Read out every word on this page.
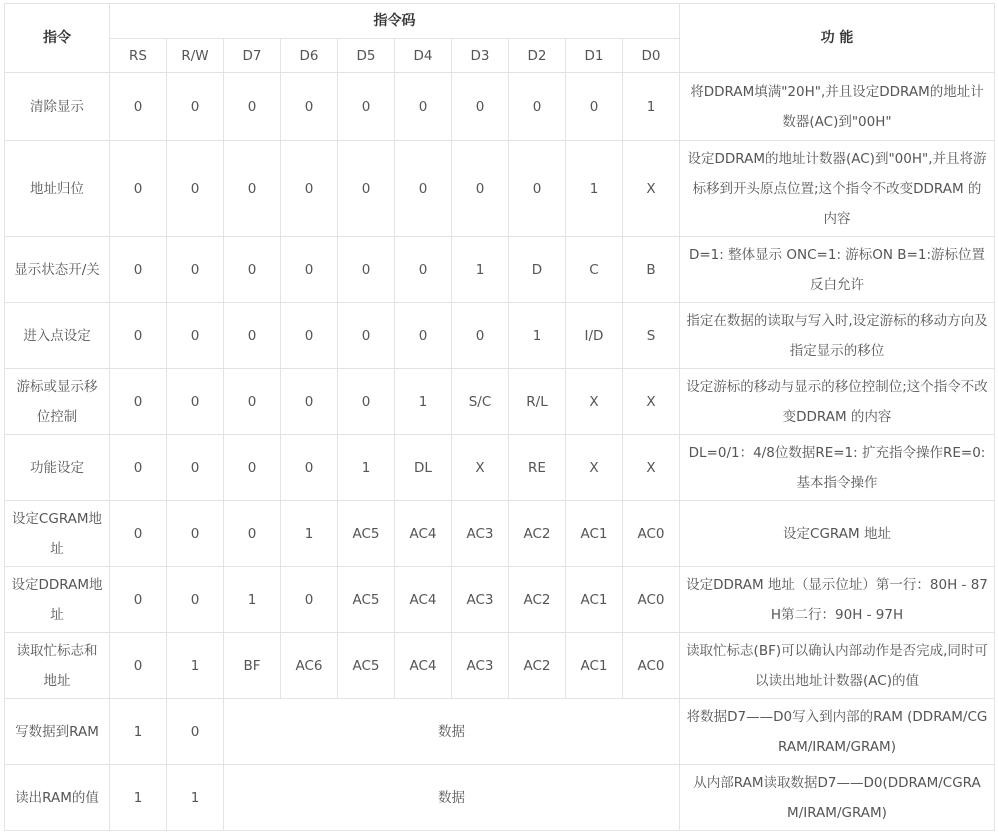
指令	指令码										功 能
	RS	R/W	D7	D6	D5	D4	D3	D2	D1	D0	
清除显示	0	0	0	0	0	0	0	0	0	1	将DDRAM填满"20H",并且设定DDRAM的地址计数器(AC)到"00H"
地址归位	0	0	0	0	0	0	0	0	1	X	设定DDRAM的地址计数器(AC)到"00H",并且将游标移到开头原点位置;这个指令不改变DDRAM 的内容
显示状态开/关	0	0	0	0	0	0	1	D	C	B	D=1: 整体显示 ONC=1: 游标ON B=1:游标位置反白允许
进入点设定	0	0	0	0	0	0	0	1	I/D	S	指定在数据的读取与写入时,设定游标的移动方向及指定显示的移位
游标或显示移位控制	0	0	0	0	0	1	S/C	R/L	X	X	设定游标的移动与显示的移位控制位;这个指令不改变DDRAM 的内容
功能设定	0	0	0	0	1	DL	X	RE	X	X	DL=0/1：4/8位数据RE=1: 扩充指令操作RE=0: 基本指令操作
设定CGRAM地址	0	0	0	1	AC5	AC4	AC3	AC2	AC1	AC0	设定CGRAM 地址
设定DDRAM地址	0	0	1	0	AC5	AC4	AC3	AC2	AC1	AC0	设定DDRAM 地址（显示位址）第一行：80H - 87H第二行：90H - 97H
读取忙标志和地址	0	1	BF	AC6	AC5	AC4	AC3	AC2	AC1	AC0	读取忙标志(BF)可以确认内部动作是否完成,同时可以读出地址计数器(AC)的值
写数据到RAM	1	0	数据								将数据D7——D0写入到内部的RAM (DDRAM/CGRAM/IRAM/GRAM)
读出RAM的值	1	1	数据								从内部RAM读取数据D7——D0(DDRAM/CGRAM/IRAM/GRAM)
